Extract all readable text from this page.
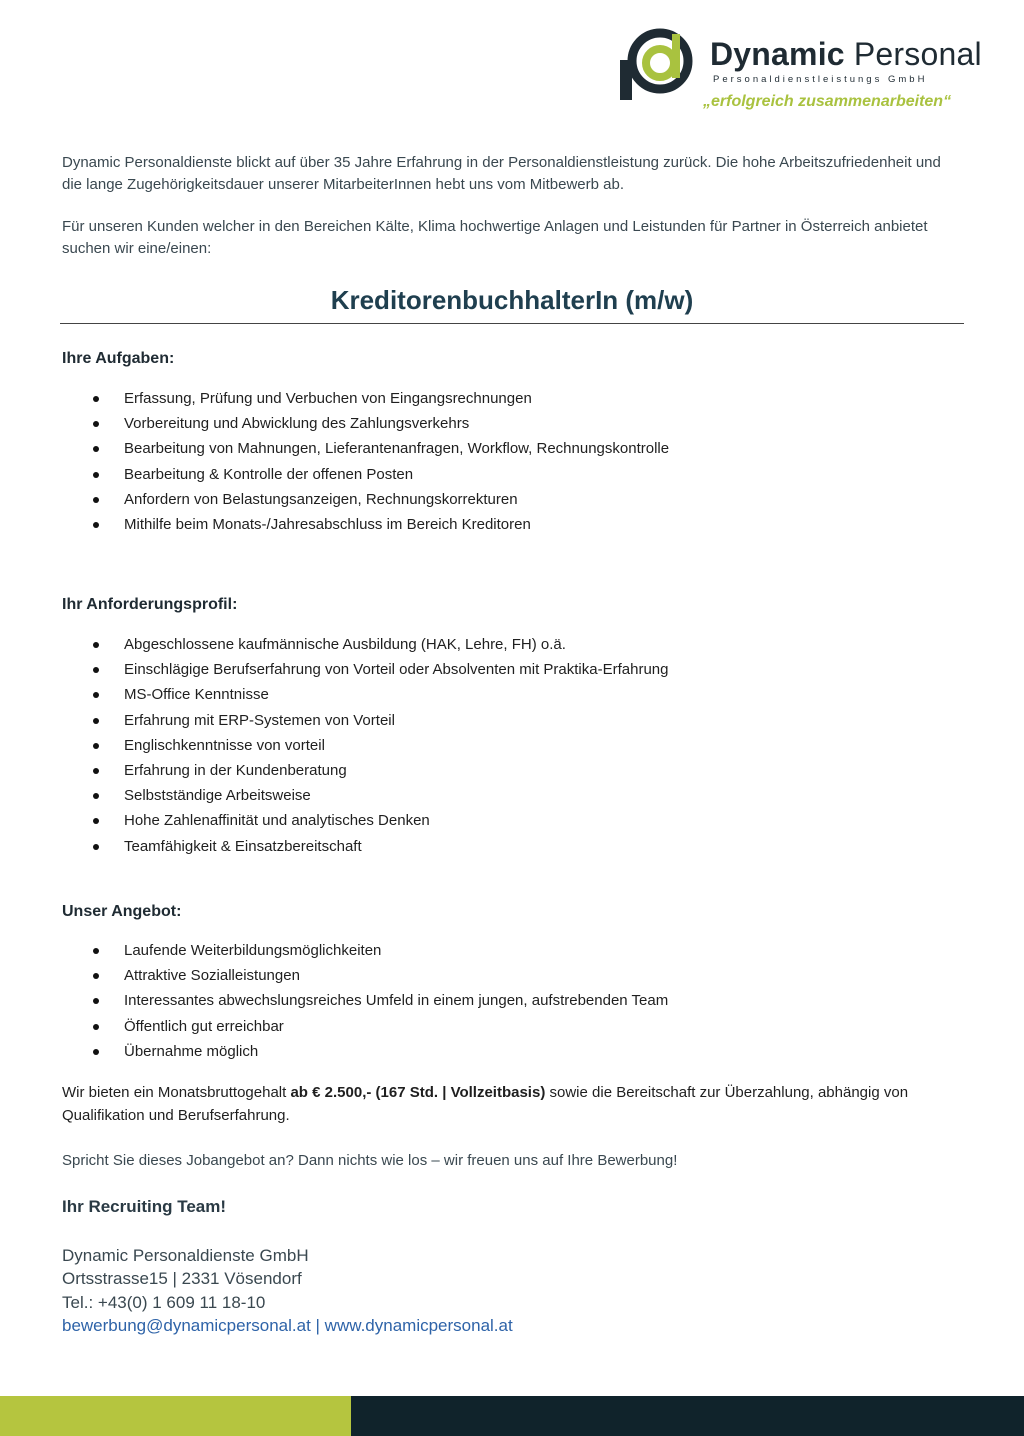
Dynamic Personal
Personaldienstleistungs GmbH
„erfolgreich zusammenarbeiten“

Dynamic Personaldienste blickt auf über 35 Jahre Erfahrung in der Personaldienstleistung zurück. Die hohe Arbeitszufriedenheit und die lange Zugehörigkeitsdauer unserer MitarbeiterInnen hebt uns vom Mitbewerb ab.

Für unseren Kunden welcher in den Bereichen Kälte, Klima hochwertige Anlagen und Leistunden für Partner in Österreich anbietet suchen wir eine/einen:

KreditorenbuchhalterIn (m/w)

Ihre Aufgaben:

Erfassung, Prüfung und Verbuchen von Eingangsrechnungen
Vorbereitung und Abwicklung des Zahlungsverkehrs
Bearbeitung von Mahnungen, Lieferantenanfragen, Workflow, Rechnungskontrolle
Bearbeitung & Kontrolle der offenen Posten
Anfordern von Belastungsanzeigen, Rechnungskorrekturen
Mithilfe beim Monats-/Jahresabschluss im Bereich Kreditoren

Ihr Anforderungsprofil:

Abgeschlossene kaufmännische Ausbildung (HAK, Lehre, FH) o.ä.
Einschlägige Berufserfahrung von Vorteil oder Absolventen mit Praktika-Erfahrung
MS-Office Kenntnisse
Erfahrung mit ERP-Systemen von Vorteil
Englischkenntnisse von vorteil
Erfahrung in der Kundenberatung
Selbstständige Arbeitsweise
Hohe Zahlenaffinität und analytisches Denken
Teamfähigkeit & Einsatzbereitschaft

Unser Angebot:

Laufende Weiterbildungsmöglichkeiten
Attraktive Sozialleistungen
Interessantes abwechslungsreiches Umfeld in einem jungen, aufstrebenden Team
Öffentlich gut erreichbar
Übernahme möglich

Wir bieten ein Monatsbruttogehalt ab € 2.500,- (167 Std. | Vollzeitbasis) sowie die Bereitschaft zur Überzahlung, abhängig von Qualifikation und Berufserfahrung.

Spricht Sie dieses Jobangebot an? Dann nichts wie los – wir freuen uns auf Ihre Bewerbung!

Ihr Recruiting Team!

Dynamic Personaldienste GmbH
Ortsstrasse15 | 2331 Vösendorf
Tel.: +43(0) 1 609 11 18-10
bewerbung@dynamicpersonal.at | www.dynamicpersonal.at
